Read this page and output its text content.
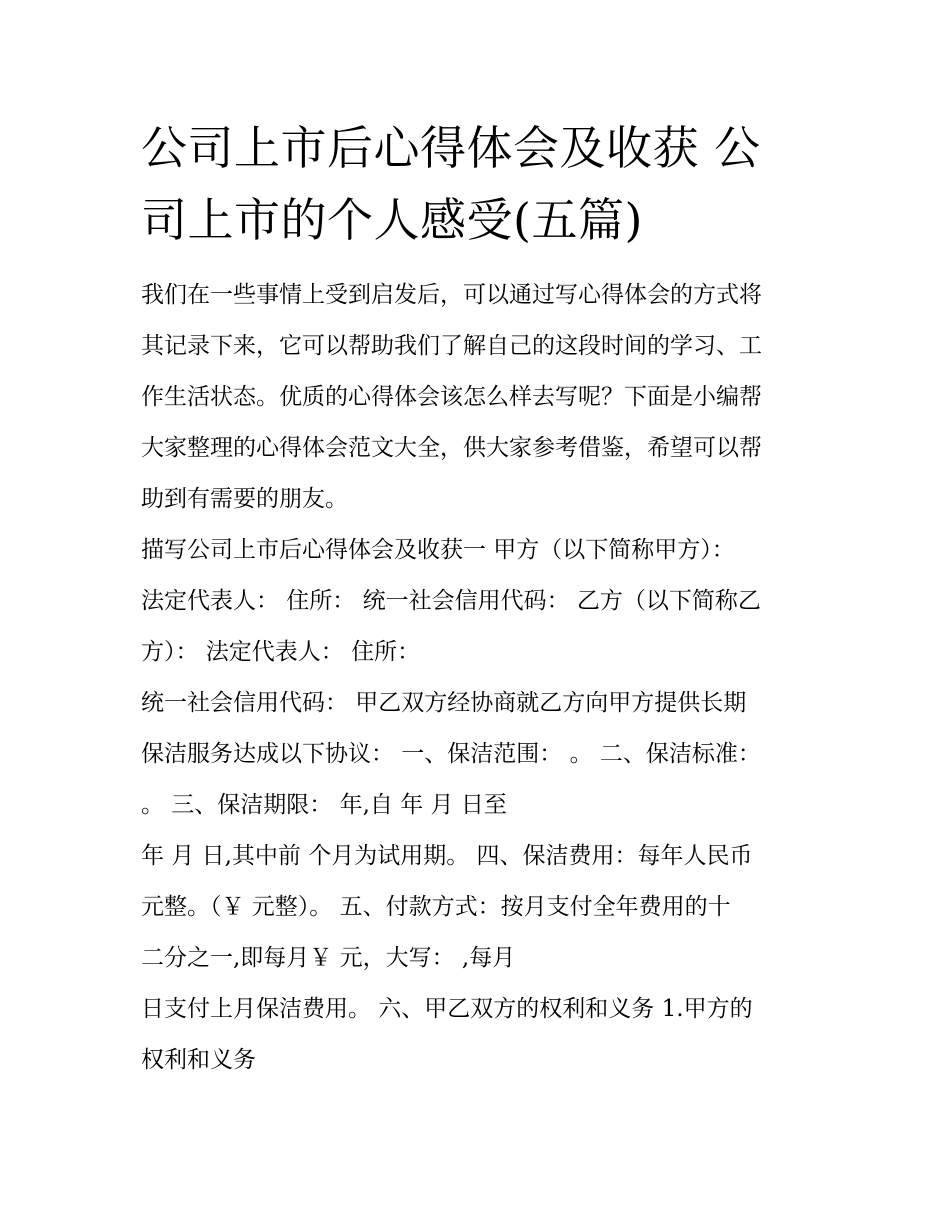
公司上市后心得体会及收获 公
司上市的个人感受(五篇)

我们在一些事情上受到启发后，可以通过写心得体会的方式将

其记录下来，它可以帮助我们了解自己的这段时间的学习、工

作生活状态。优质的心得体会该怎么样去写呢？下面是小编帮

大家整理的心得体会范文大全，供大家参考借鉴，希望可以帮

助到有需要的朋友。

描写公司上市后心得体会及收获一 甲方（以下简称甲方）：

法定代表人： 住所： 统一社会信用代码： 乙方（以下简称乙

方）： 法定代表人： 住所：

统一社会信用代码： 甲乙双方经协商就乙方向甲方提供长期

保洁服务达成以下协议： 一、保洁范围： 。 二、保洁标准：

。 三、保洁期限： 年,自 年 月 日至

年 月 日,其中前 个月为试用期。 四、保洁费用：每年人民币

元整。（￥ 元整）。 五、付款方式：按月支付全年费用的十

二分之一,即每月￥ 元，大写： ,每月

日支付上月保洁费用。 六、甲乙双方的权利和义务 1.甲方的

权利和义务
